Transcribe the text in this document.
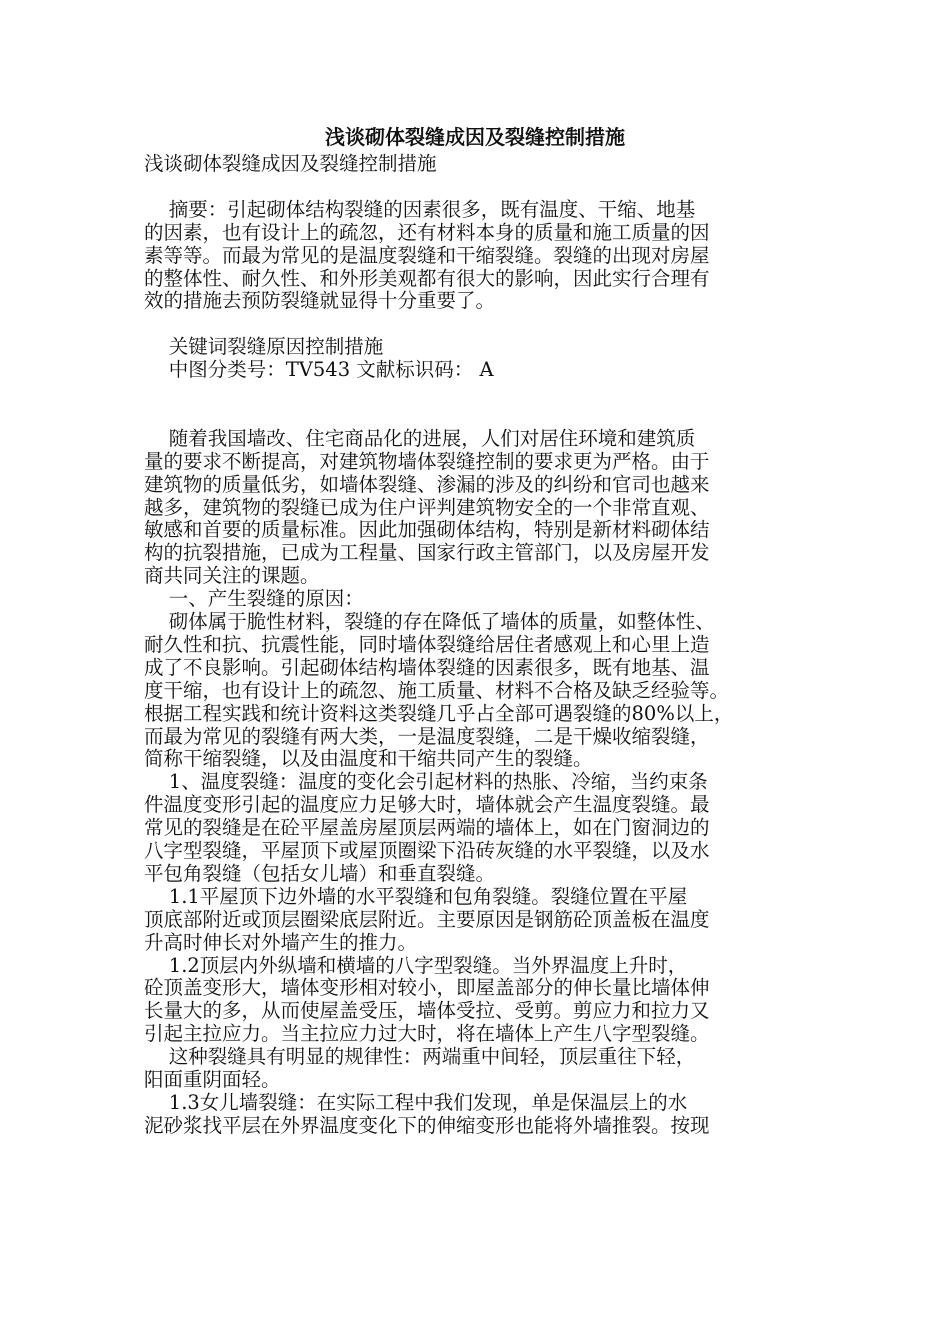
浅谈砌体裂缝成因及裂缝控制措施
浅谈砌体裂缝成因及裂缝控制措施
摘要：引起砌体结构裂缝的因素很多，既有温度、干缩、地基
的因素，也有设计上的疏忽，还有材料本身的质量和施工质量的因
素等等。而最为常见的是温度裂缝和干缩裂缝。裂缝的出现对房屋
的整体性、耐久性、和外形美观都有很大的影响，因此实行合理有
效的措施去预防裂缝就显得十分重要了。
关键词裂缝原因控制措施
中图分类号：TV543 文献标识码： A
随着我国墙改、住宅商品化的进展，人们对居住环境和建筑质
量的要求不断提高，对建筑物墙体裂缝控制的要求更为严格。由于
建筑物的质量低劣，如墙体裂缝、渗漏的涉及的纠纷和官司也越来
越多，建筑物的裂缝已成为住户评判建筑物安全的一个非常直观、
敏感和首要的质量标准。因此加强砌体结构，特别是新材料砌体结
构的抗裂措施，已成为工程量、国家行政主管部门，以及房屋开发
商共同关注的课题。
一、产生裂缝的原因：
砌体属于脆性材料，裂缝的存在降低了墙体的质量，如整体性、
耐久性和抗、抗震性能，同时墙体裂缝给居住者感观上和心里上造
成了不良影响。引起砌体结构墙体裂缝的因素很多，既有地基、温
度干缩，也有设计上的疏忽、施工质量、材料不合格及缺乏经验等。
根据工程实践和统计资料这类裂缝几乎占全部可遇裂缝的80%以上，
而最为常见的裂缝有两大类，一是温度裂缝，二是干燥收缩裂缝，
简称干缩裂缝，以及由温度和干缩共同产生的裂缝。
1、温度裂缝：温度的变化会引起材料的热胀、冷缩，当约束条
件温度变形引起的温度应力足够大时，墙体就会产生温度裂缝。最
常见的裂缝是在砼平屋盖房屋顶层两端的墙体上，如在门窗洞边的
八字型裂缝，平屋顶下或屋顶圈梁下沿砖灰缝的水平裂缝，以及水
平包角裂缝（包括女儿墙）和垂直裂缝。
1.1平屋顶下边外墙的水平裂缝和包角裂缝。裂缝位置在平屋
顶底部附近或顶层圈梁底层附近。主要原因是钢筋砼顶盖板在温度
升高时伸长对外墙产生的推力。
1.2顶层内外纵墙和横墙的八字型裂缝。当外界温度上升时，
砼顶盖变形大，墙体变形相对较小，即屋盖部分的伸长量比墙体伸
长量大的多，从而使屋盖受压，墙体受拉、受剪。剪应力和拉力又
引起主拉应力。当主拉应力过大时，将在墙体上产生八字型裂缝。
这种裂缝具有明显的规律性：两端重中间轻，顶层重往下轻，
阳面重阴面轻。
1.3女儿墙裂缝：在实际工程中我们发现，单是保温层上的水
泥砂浆找平层在外界温度变化下的伸缩变形也能将外墙推裂。按现
